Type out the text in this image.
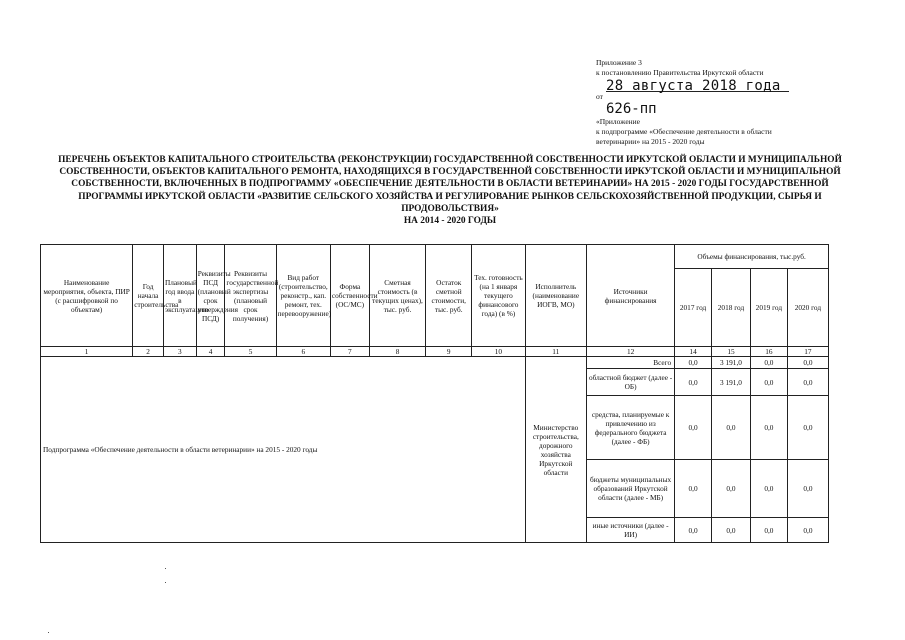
Приложение 3
к постановлению Правительства Иркутской области
от
28 августа 2018 года
626-пп
«Приложение
к подпрограмме «Обеспечение деятельности в области
ветеринарии» на 2015 - 2020 годы
ПЕРЕЧЕНЬ ОБЪЕКТОВ КАПИТАЛЬНОГО СТРОИТЕЛЬСТВА (РЕКОНСТРУКЦИИ) ГОСУДАРСТВЕННОЙ СОБСТВЕННОСТИ ИРКУТСКОЙ ОБЛАСТИ И МУНИЦИПАЛЬНОЙ СОБСТВЕННОСТИ, ОБЪЕКТОВ КАПИТАЛЬНОГО РЕМОНТА, НАХОДЯЩИХСЯ В ГОСУДАРСТВЕННОЙ СОБСТВЕННОСТИ ИРКУТСКОЙ ОБЛАСТИ И МУНИЦИПАЛЬНОЙ СОБСТВЕННОСТИ, ВКЛЮЧЕННЫХ В ПОДПРОГРАММУ «ОБЕСПЕЧЕНИЕ ДЕЯТЕЛЬНОСТИ В ОБЛАСТИ ВЕТЕРИНАРИИ» НА 2015 - 2020 ГОДЫ ГОСУДАРСТВЕННОЙ ПРОГРАММЫ ИРКУТСКОЙ ОБЛАСТИ «РАЗВИТИЕ СЕЛЬСКОГО ХОЗЯЙСТВА И РЕГУЛИРОВАНИЕ РЫНКОВ СЕЛЬСКОХОЗЯЙСТВЕННОЙ ПРОДУКЦИИ, СЫРЬЯ И ПРОДОВОЛЬСТВИЯ»
НА 2014 - 2020 ГОДЫ
Наименование мероприятия, объекта, ПИР (с расшифровкой по объектам)	Год начала строительства	Плановый год ввода в эксплуатацию	Реквизиты ПСД (плановый срок утверждения ПСД)	Реквизиты государственной экспертизы (плановый срок получения)	Вид работ (строительство, реконстр., кап. ремонт, тех. перевооружение)	Форма собственности (ОС/МС)	Сметная стоимость (в текущих ценах), тыс. руб.	Остаток сметной стоимости, тыс. руб.	Тех. готовность (на 1 января текущего финансового года) (в %)	Исполнитель (наименование ИОГВ, МО)	Источники финансирования	Объемы финансирования, тыс.руб.			
												2017 год	2018 год	2019 год	2020 год
1	2	3	4	5	6	7	8	9	10	11	12	14	15	16	17
Подпрограмма «Обеспечение деятельности в области ветеринарии» на 2015 - 2020 годы										Министерство строительства, дорожного хозяйства Иркутской области	Всего	0,0	3 191,0	0,0	0,0
											областной бюджет (далее - ОБ)	0,0	3 191,0	0,0	0,0
											средства, планируемые к привлечению из федерального бюджета (далее - ФБ)	0,0	0,0	0,0	0,0
											бюджеты муниципальных образований Иркутской области (далее - МБ)	0,0	0,0	0,0	0,0
											иные источники (далее - ИИ)	0,0	0,0	0,0	0,0
